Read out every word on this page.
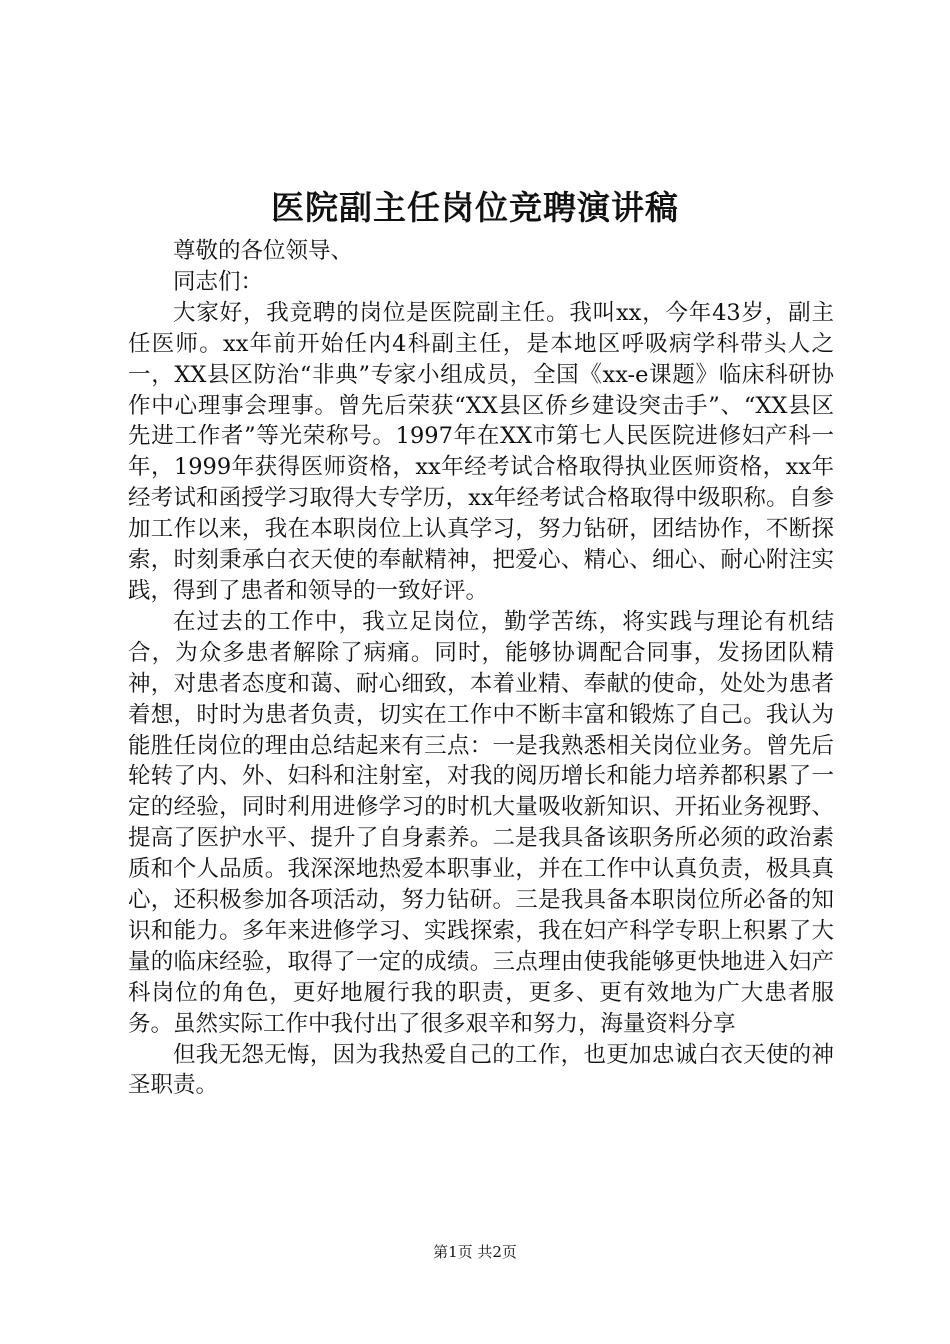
医院副主任岗位竞聘演讲稿

尊敬的各位领导、

同志们：

大家好，我竞聘的岗位是医院副主任。我叫xx，今年43岁，副主任医师。xx年前开始任内4科副主任，是本地区呼吸病学科带头人之一，XX县区防治“非典”专家小组成员，全国《xx-e课题》临床科研协作中心理事会理事。曾先后荣获“XX县区侨乡建设突击手”、“XX县区先进工作者”等光荣称号。1997年在XX市第七人民医院进修妇产科一年，1999年获得医师资格，xx年经考试合格取得执业医师资格，xx年经考试和函授学习取得大专学历，xx年经考试合格取得中级职称。自参加工作以来，我在本职岗位上认真学习，努力钻研，团结协作，不断探索，时刻秉承白衣天使的奉献精神，把爱心、精心、细心、耐心附注实践，得到了患者和领导的一致好评。

在过去的工作中，我立足岗位，勤学苦练，将实践与理论有机结合，为众多患者解除了病痛。同时，能够协调配合同事，发扬团队精神，对患者态度和蔼、耐心细致，本着业精、奉献的使命，处处为患者着想，时时为患者负责，切实在工作中不断丰富和锻炼了自己。我认为能胜任岗位的理由总结起来有三点：一是我熟悉相关岗位业务。曾先后轮转了内、外、妇科和注射室，对我的阅历增长和能力培养都积累了一定的经验，同时利用进修学习的时机大量吸收新知识、开拓业务视野、提高了医护水平、提升了自身素养。二是我具备该职务所必须的政治素质和个人品质。我深深地热爱本职事业，并在工作中认真负责，极具真心，还积极参加各项活动，努力钻研。三是我具备本职岗位所必备的知识和能力。多年来进修学习、实践探索，我在妇产科学专职上积累了大量的临床经验，取得了一定的成绩。三点理由使我能够更快地进入妇产科岗位的角色，更好地履行我的职责，更多、更有效地为广大患者服务。虽然实际工作中我付出了很多艰辛和努力，海量资料分享

但我无怨无悔，因为我热爱自己的工作，也更加忠诚白衣天使的神圣职责。

第1页 共2页
